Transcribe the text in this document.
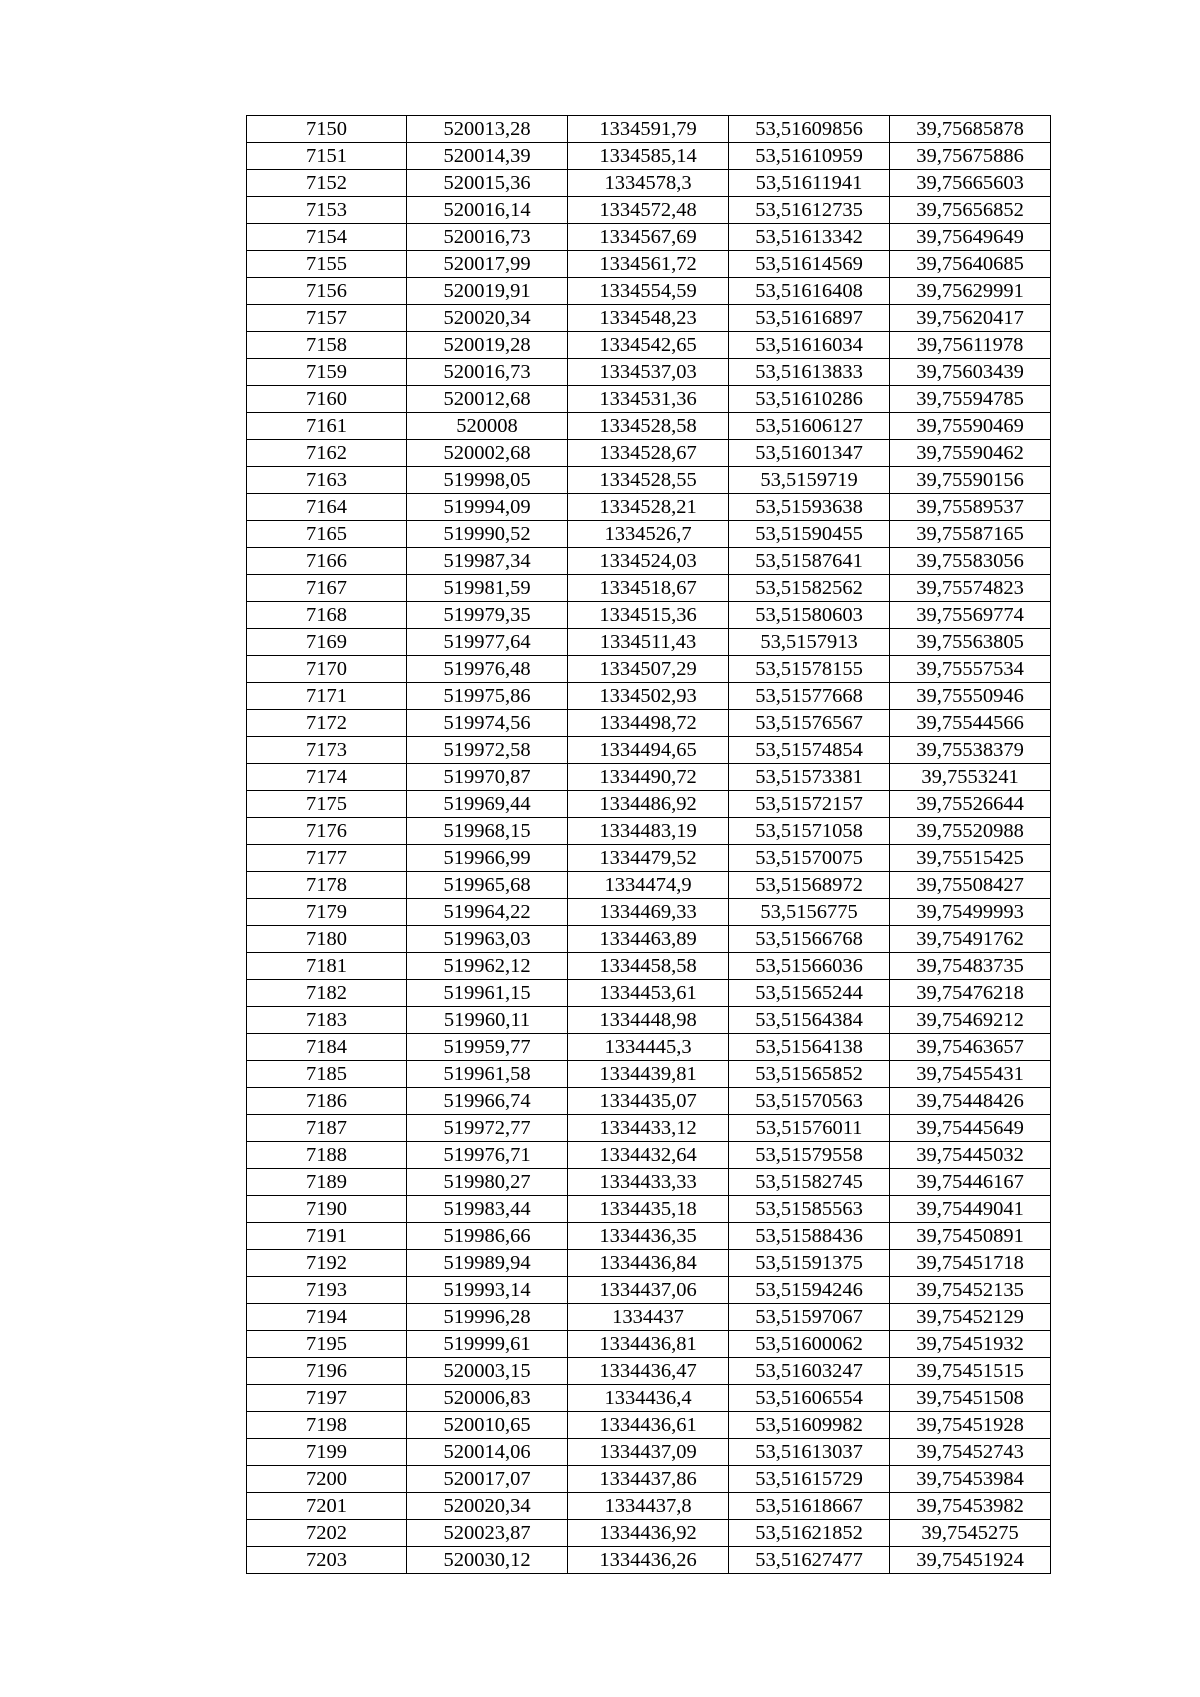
7150	520013,28	1334591,79	53,51609856	39,75685878
7151	520014,39	1334585,14	53,51610959	39,75675886
7152	520015,36	1334578,3	53,51611941	39,75665603
7153	520016,14	1334572,48	53,51612735	39,75656852
7154	520016,73	1334567,69	53,51613342	39,75649649
7155	520017,99	1334561,72	53,51614569	39,75640685
7156	520019,91	1334554,59	53,51616408	39,75629991
7157	520020,34	1334548,23	53,51616897	39,75620417
7158	520019,28	1334542,65	53,51616034	39,75611978
7159	520016,73	1334537,03	53,51613833	39,75603439
7160	520012,68	1334531,36	53,51610286	39,75594785
7161	520008	1334528,58	53,51606127	39,75590469
7162	520002,68	1334528,67	53,51601347	39,75590462
7163	519998,05	1334528,55	53,5159719	39,75590156
7164	519994,09	1334528,21	53,51593638	39,75589537
7165	519990,52	1334526,7	53,51590455	39,75587165
7166	519987,34	1334524,03	53,51587641	39,75583056
7167	519981,59	1334518,67	53,51582562	39,75574823
7168	519979,35	1334515,36	53,51580603	39,75569774
7169	519977,64	1334511,43	53,5157913	39,75563805
7170	519976,48	1334507,29	53,51578155	39,75557534
7171	519975,86	1334502,93	53,51577668	39,75550946
7172	519974,56	1334498,72	53,51576567	39,75544566
7173	519972,58	1334494,65	53,51574854	39,75538379
7174	519970,87	1334490,72	53,51573381	39,7553241
7175	519969,44	1334486,92	53,51572157	39,75526644
7176	519968,15	1334483,19	53,51571058	39,75520988
7177	519966,99	1334479,52	53,51570075	39,75515425
7178	519965,68	1334474,9	53,51568972	39,75508427
7179	519964,22	1334469,33	53,5156775	39,75499993
7180	519963,03	1334463,89	53,51566768	39,75491762
7181	519962,12	1334458,58	53,51566036	39,75483735
7182	519961,15	1334453,61	53,51565244	39,75476218
7183	519960,11	1334448,98	53,51564384	39,75469212
7184	519959,77	1334445,3	53,51564138	39,75463657
7185	519961,58	1334439,81	53,51565852	39,75455431
7186	519966,74	1334435,07	53,51570563	39,75448426
7187	519972,77	1334433,12	53,51576011	39,75445649
7188	519976,71	1334432,64	53,51579558	39,75445032
7189	519980,27	1334433,33	53,51582745	39,75446167
7190	519983,44	1334435,18	53,51585563	39,75449041
7191	519986,66	1334436,35	53,51588436	39,75450891
7192	519989,94	1334436,84	53,51591375	39,75451718
7193	519993,14	1334437,06	53,51594246	39,75452135
7194	519996,28	1334437	53,51597067	39,75452129
7195	519999,61	1334436,81	53,51600062	39,75451932
7196	520003,15	1334436,47	53,51603247	39,75451515
7197	520006,83	1334436,4	53,51606554	39,75451508
7198	520010,65	1334436,61	53,51609982	39,75451928
7199	520014,06	1334437,09	53,51613037	39,75452743
7200	520017,07	1334437,86	53,51615729	39,75453984
7201	520020,34	1334437,8	53,51618667	39,75453982
7202	520023,87	1334436,92	53,51621852	39,7545275
7203	520030,12	1334436,26	53,51627477	39,75451924
